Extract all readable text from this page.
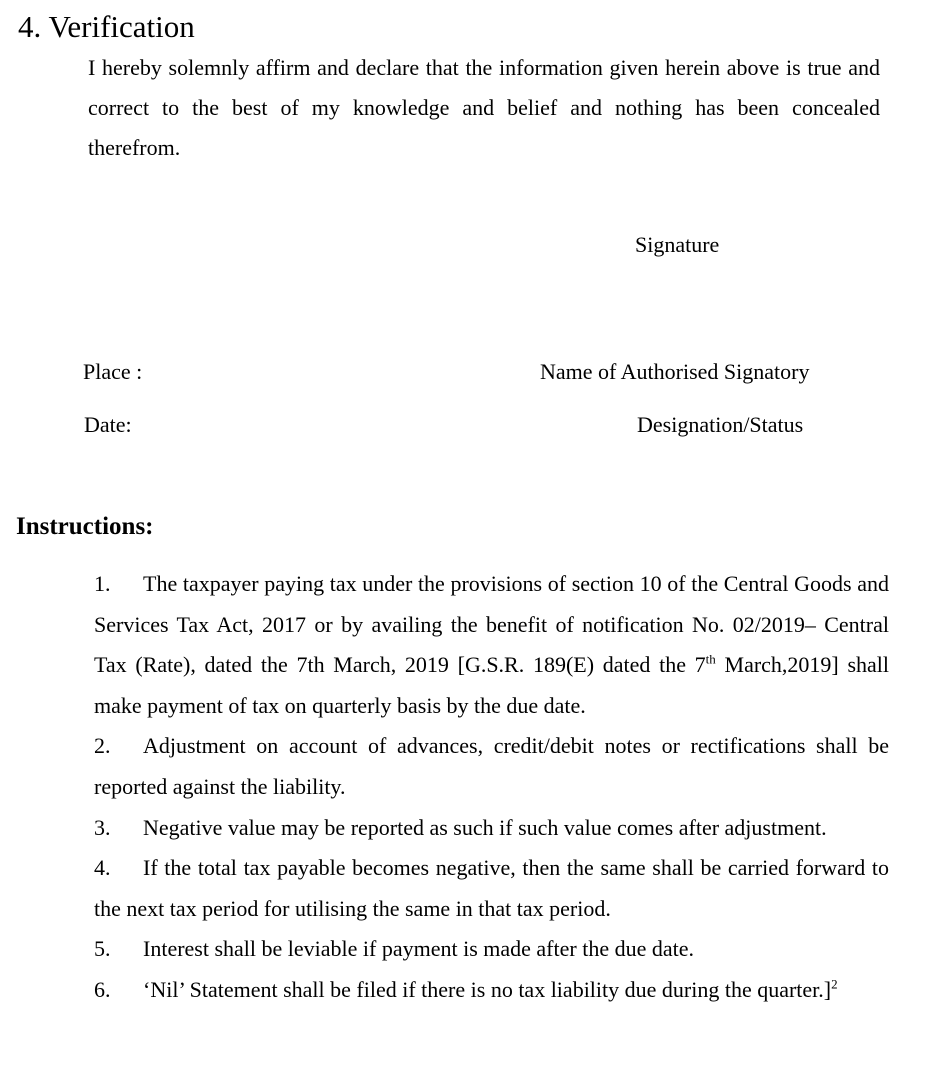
4. Verification

I hereby solemnly affirm and declare that the information given herein above is true and correct to the best of my knowledge and belief and nothing has been concealed therefrom.

Signature
Place :	Name of Authorised Signatory
Date:	Designation/Status
Instructions:

1. The taxpayer paying tax under the provisions of section 10 of the Central Goods and Services Tax Act, 2017 or by availing the benefit of notification No. 02/2019– Central Tax (Rate), dated the 7th March, 2019 [G.S.R. 189(E) dated the 7th March,2019] shall make payment of tax on quarterly basis by the due date.

2. Adjustment on account of advances, credit/debit notes or rectifications shall be reported against the liability.

3. Negative value may be reported as such if such value comes after adjustment.

4. If the total tax payable becomes negative, then the same shall be carried forward to the next tax period for utilising the same in that tax period.

5. Interest shall be leviable if payment is made after the due date.

6. ‘Nil’ Statement shall be filed if there is no tax liability due during the quarter.]$^2$
